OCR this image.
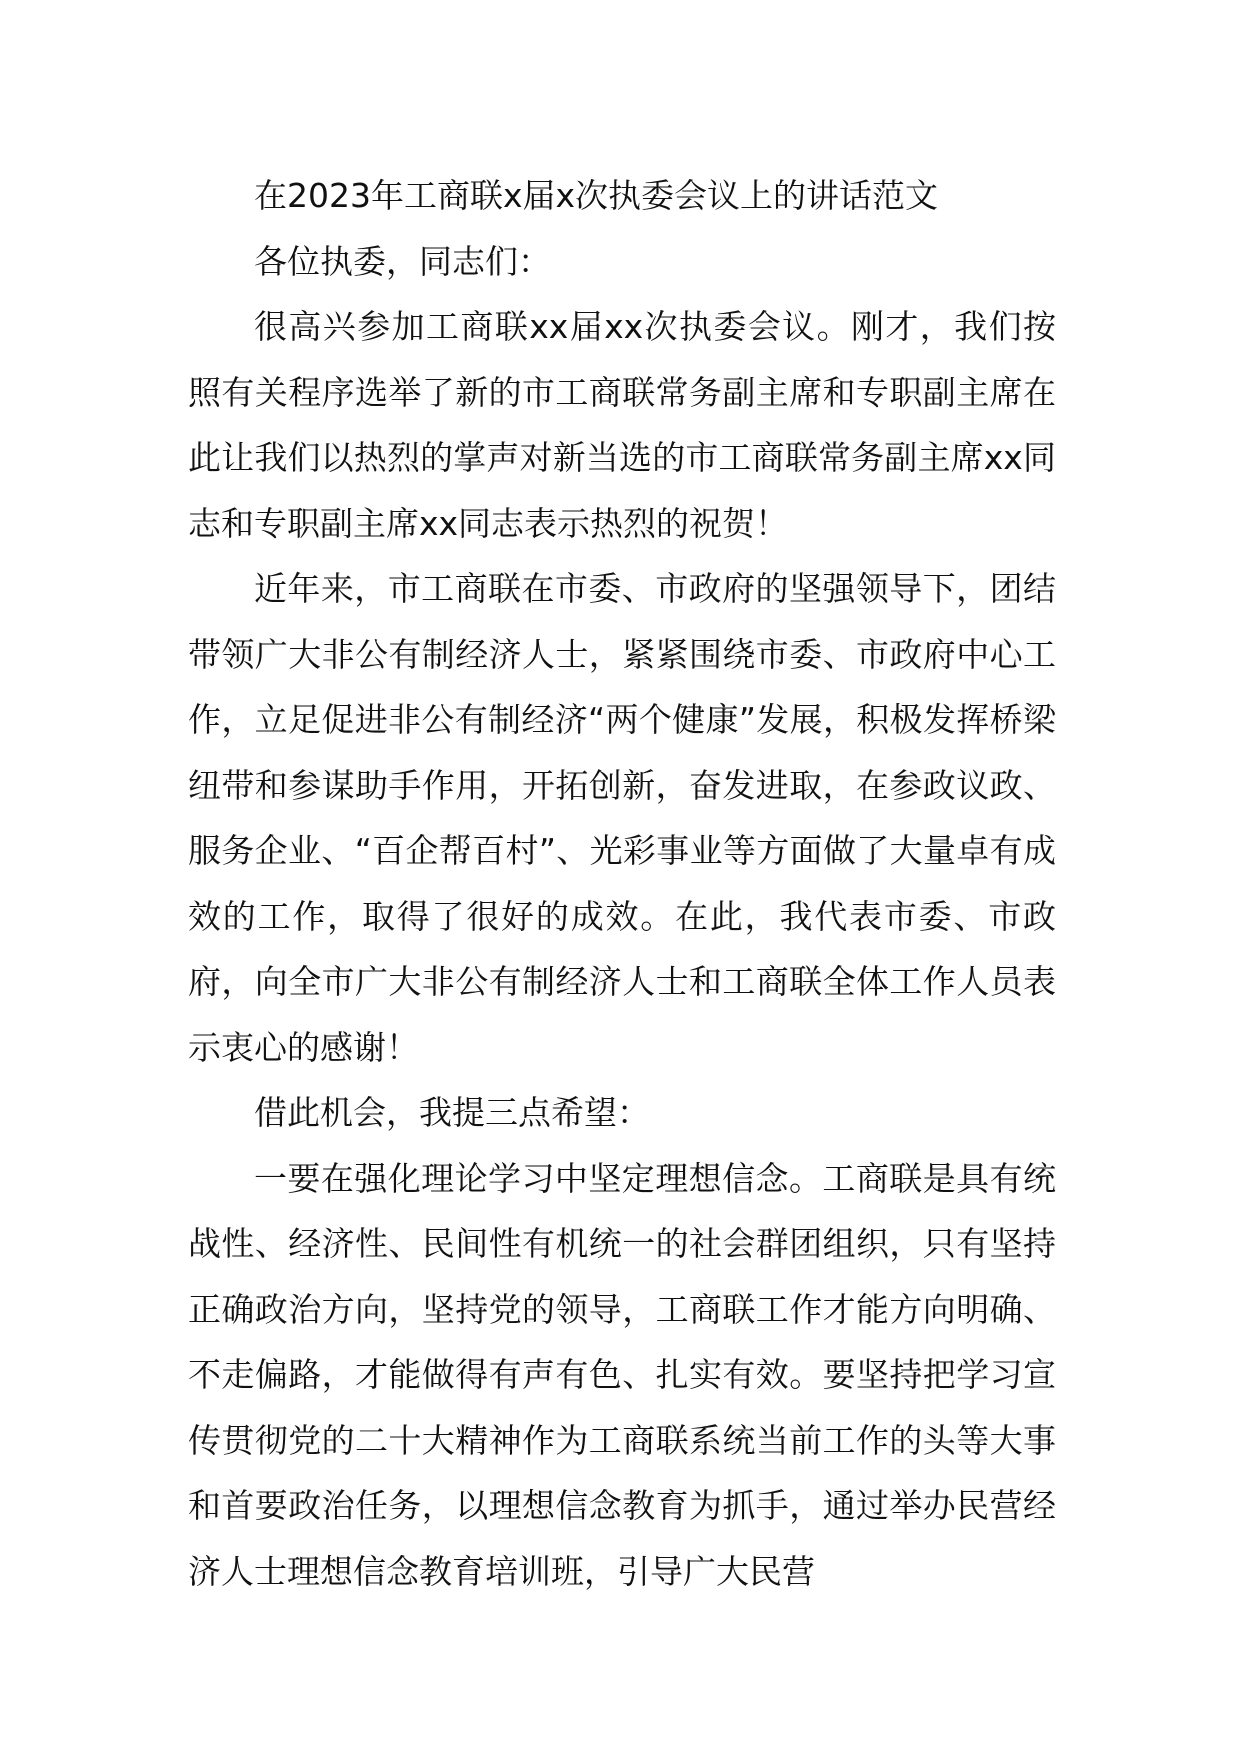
在2023年工商联x届x次执委会议上的讲话范文

各位执委，同志们：

很高兴参加工商联xx届xx次执委会议。刚才，我们按照有关程序选举了新的市工商联常务副主席和专职副主席在此让我们以热烈的掌声对新当选的市工商联常务副主席xx同志和专职副主席xx同志表示热烈的祝贺！

近年来，市工商联在市委、市政府的坚强领导下，团结带领广大非公有制经济人士，紧紧围绕市委、市政府中心工作，立足促进非公有制经济“两个健康”发展，积极发挥桥梁纽带和参谋助手作用，开拓创新，奋发进取，在参政议政、服务企业、“百企帮百村”、光彩事业等方面做了大量卓有成效的工作，取得了很好的成效。在此，我代表市委、市政府，向全市广大非公有制经济人士和工商联全体工作人员表示衷心的感谢！

借此机会，我提三点希望：

一要在强化理论学习中坚定理想信念。工商联是具有统战性、经济性、民间性有机统一的社会群团组织，只有坚持正确政治方向，坚持党的领导，工商联工作才能方向明确、不走偏路，才能做得有声有色、扎实有效。要坚持把学习宣传贯彻党的二十大精神作为工商联系统当前工作的头等大事和首要政治任务，以理想信念教育为抓手，通过举办民营经济人士理想信念教育培训班，引导广大民营
